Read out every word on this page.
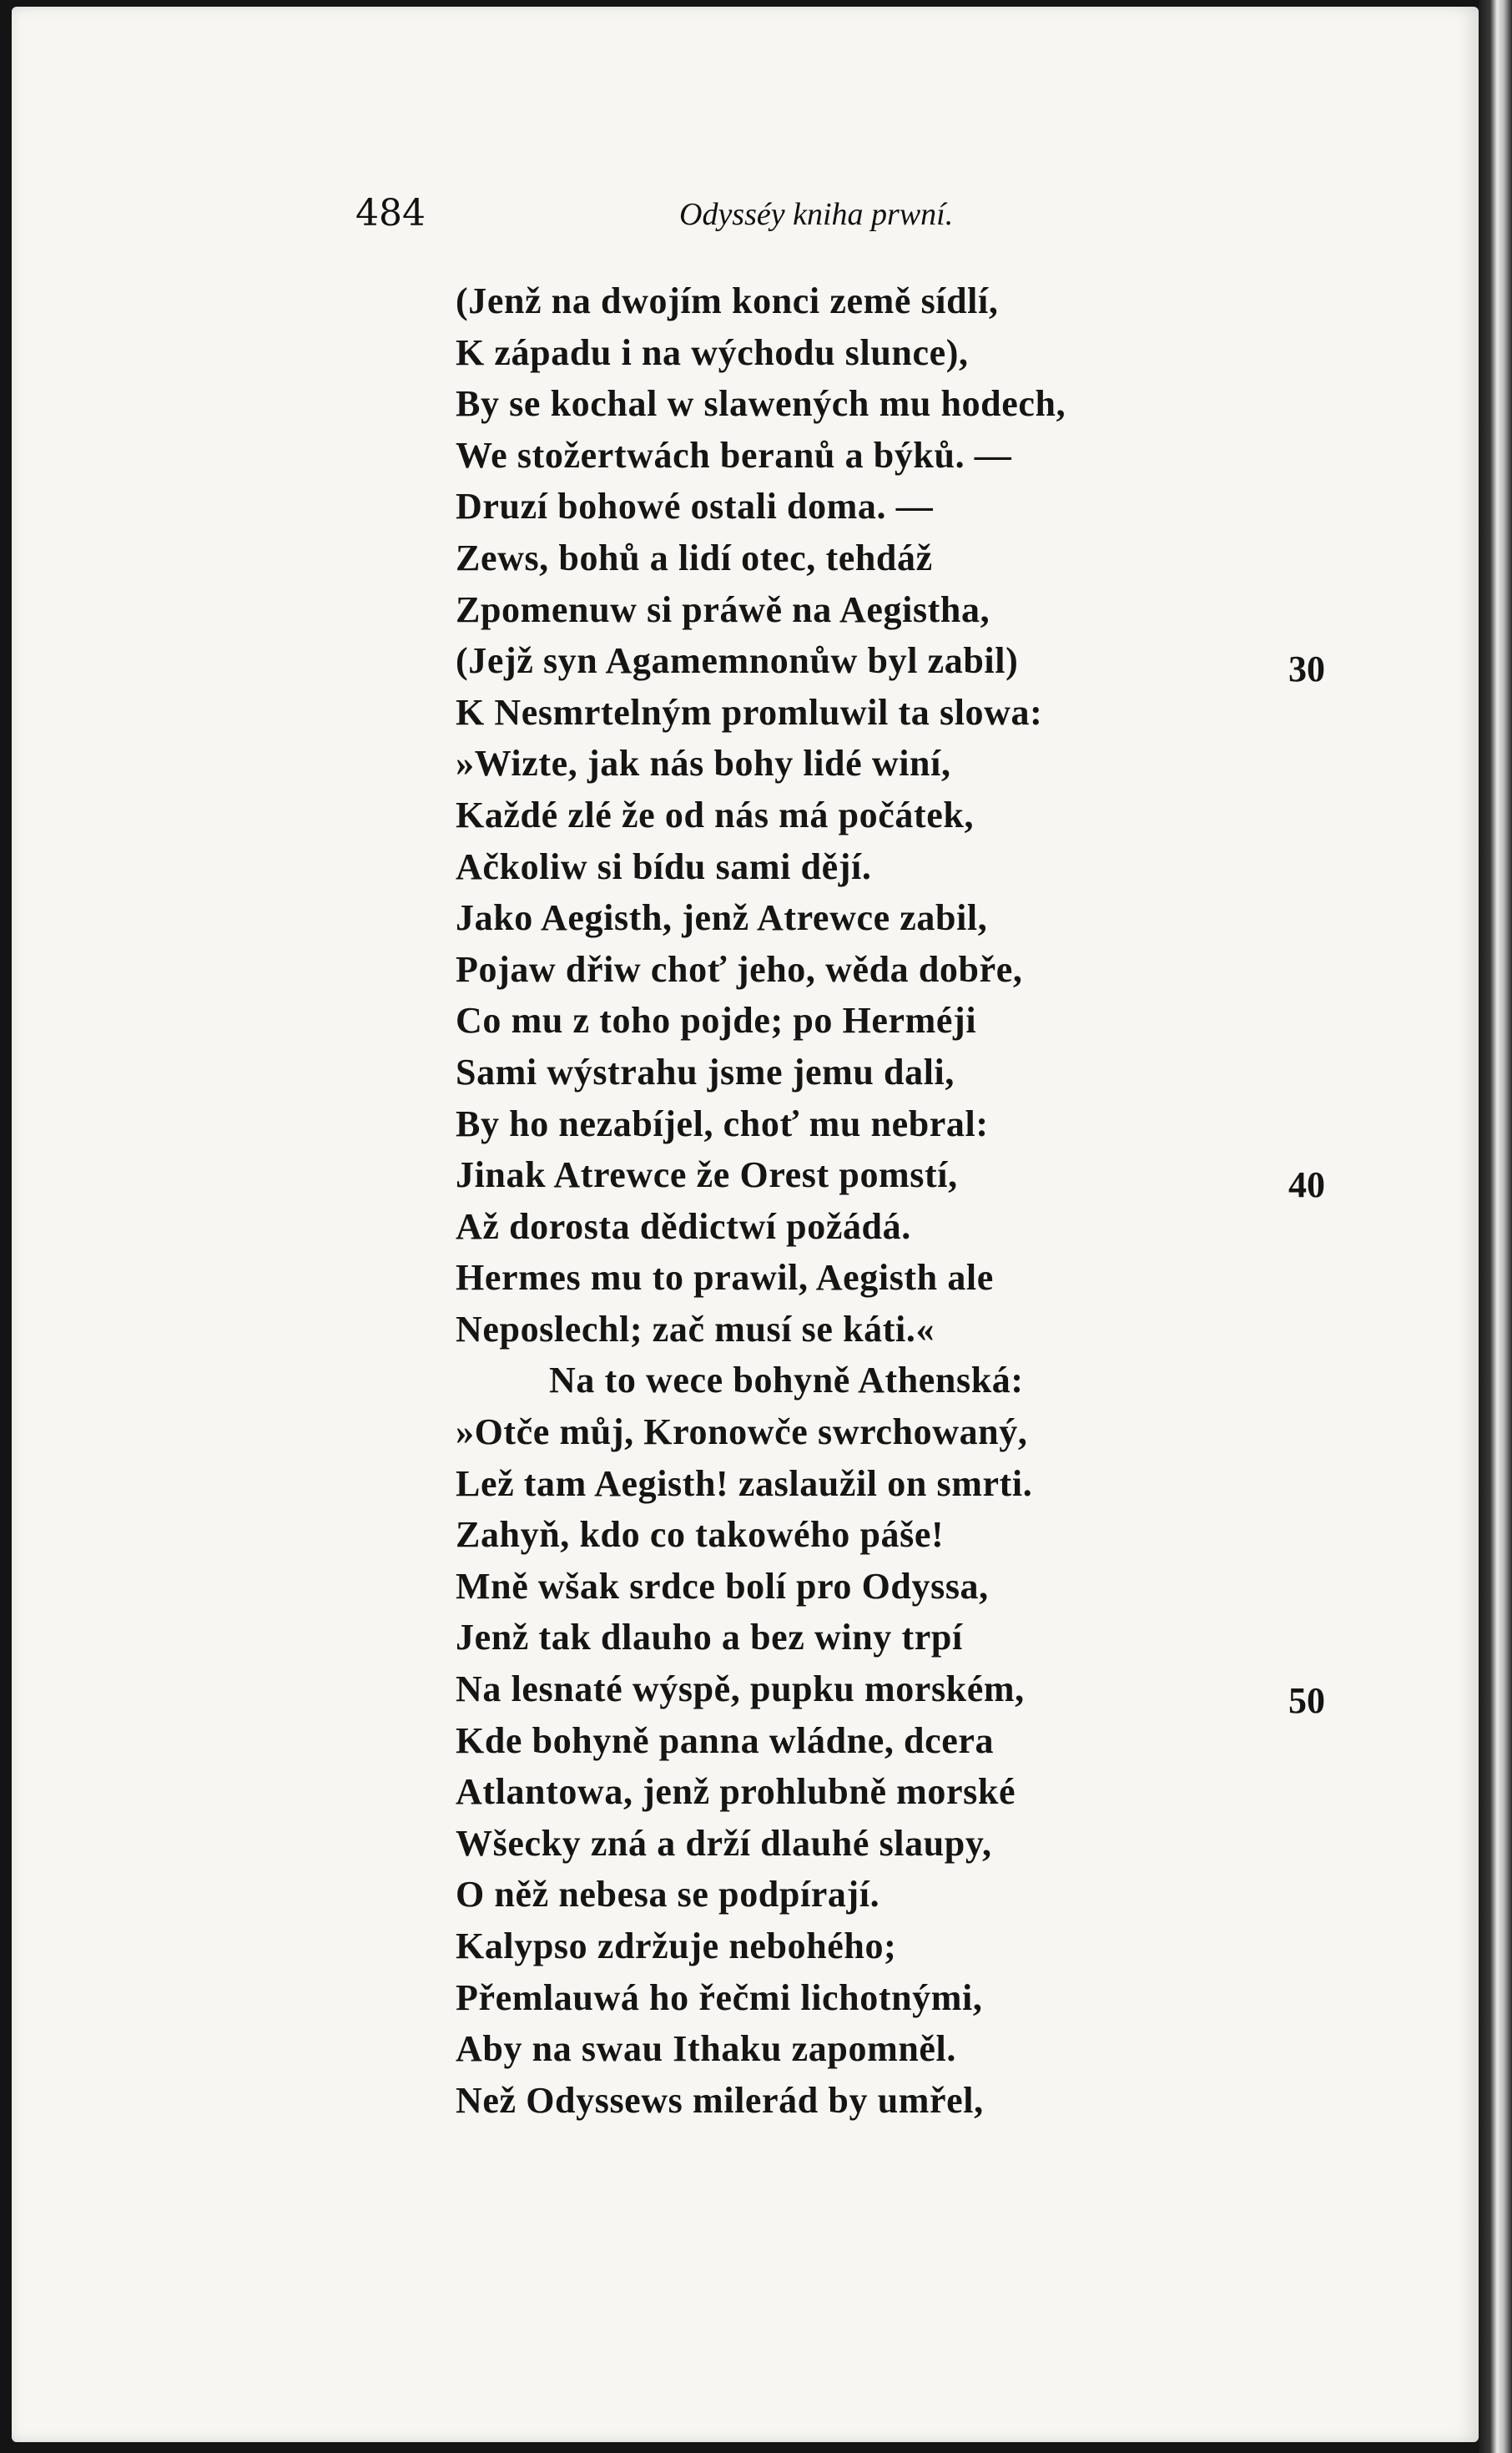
484	Odysséy kniha prwní.
(Jenž na dwojím konci země sídlí,
K západu i na wýchodu slunce),
By se kochal w slawených mu hodech,
We stožertwách beranů a býků. —
Druzí bohowé ostali doma. —
Zews, bohů a lidí otec, tehdáž
Zpomenuw si práwě na Aegistha,
(Jejž syn Agamemnonůw byl zabil)
K Nesmrtelným promluwil ta slowa:
»Wizte, jak nás bohy lidé winí,
Každé zlé že od nás má počátek,
Ačkoliw si bídu sami dějí.
Jako Aegisth, jenž Atrewce zabil,
Pojaw dřiw choť jeho, wěda dobře,
Co mu z toho pojde; po Herméji
Sami wýstrahu jsme jemu dali,
By ho nezabíjel, choť mu nebral:
Jinak Atrewce že Orest pomstí,
Až dorosta dědictwí požádá.
Hermes mu to prawil, Aegisth ale
Neposlechl; zač musí se káti.«
Na to wece bohyně Athenská:
»Otče můj, Kronowče swrchowaný,
Lež tam Aegisth! zaslaužil on smrti.
Zahyň, kdo co takowého páše!
Mně wšak srdce bolí pro Odyssa,
Jenž tak dlauho a bez winy trpí
Na lesnaté wýspě, pupku morském,
Kde bohyně panna wládne, dcera
Atlantowa, jenž prohlubně morské
Wšecky zná a drží dlauhé slaupy,
O něž nebesa se podpírají.
Kalypso zdržuje nebohého;
Přemlauwá ho řečmi lichotnými,
Aby na swau Ithaku zapomněl.
Než Odyssews milerád by umřel,
30
40
50
